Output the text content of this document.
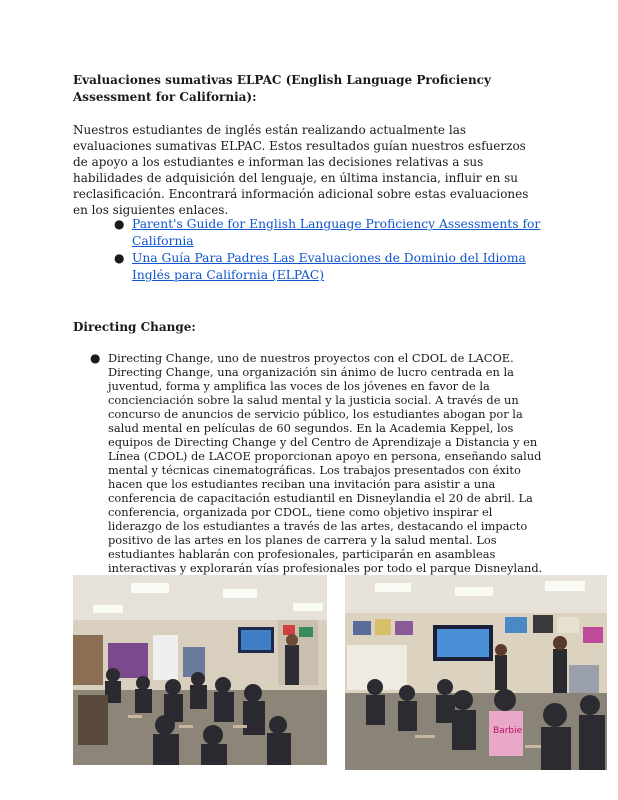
Evaluaciones sumativas ELPAC (English Language Proficiency Assessment for California):

Nuestros estudiantes de inglés están realizando actualmente las evaluaciones sumativas ELPAC. Estos resultados guían nuestros esfuerzos de apoyo a los estudiantes e informan las decisiones relativas a sus habilidades de adquisición del lenguaje, en última instancia, influir en su reclasificación. Encontrará información adicional sobre estas evaluaciones en los siguientes enlaces.

● Parent's Guide for English Language Proficiency Assessments for California
● Una Guía Para Padres Las Evaluaciones de Dominio del Idioma Inglés para California (ELPAC)
Directing Change:
● Directing Change, uno de nuestros proyectos con el CDOL de LACOE. Directing Change, una organización sin ánimo de lucro centrada en la juventud, forma y amplifica las voces de los jóvenes en favor de la concienciación sobre la salud mental y la justicia social. A través de un concurso de anuncios de servicio público, los estudiantes abogan por la salud mental en películas de 60 segundos. En la Academia Keppel, los equipos de Directing Change y del Centro de Aprendizaje a Distancia y en Línea (CDOL) de LACOE proporcionan apoyo en persona, enseñando salud mental y técnicas cinematográficas. Los trabajos presentados con éxito hacen que los estudiantes reciban una invitación para asistir a una conferencia de capacitación estudiantil en Disneylandia el 20 de abril. La conferencia, organizada por CDOL, tiene como objetivo inspirar el liderazgo de los estudiantes a través de las artes, destacando el impacto positivo de las artes en los planes de carrera y la salud mental. Los estudiantes hablarán con profesionales, participarán en asambleas interactivas y explorarán vías profesionales por todo el parque Disneyland.
Barbie
